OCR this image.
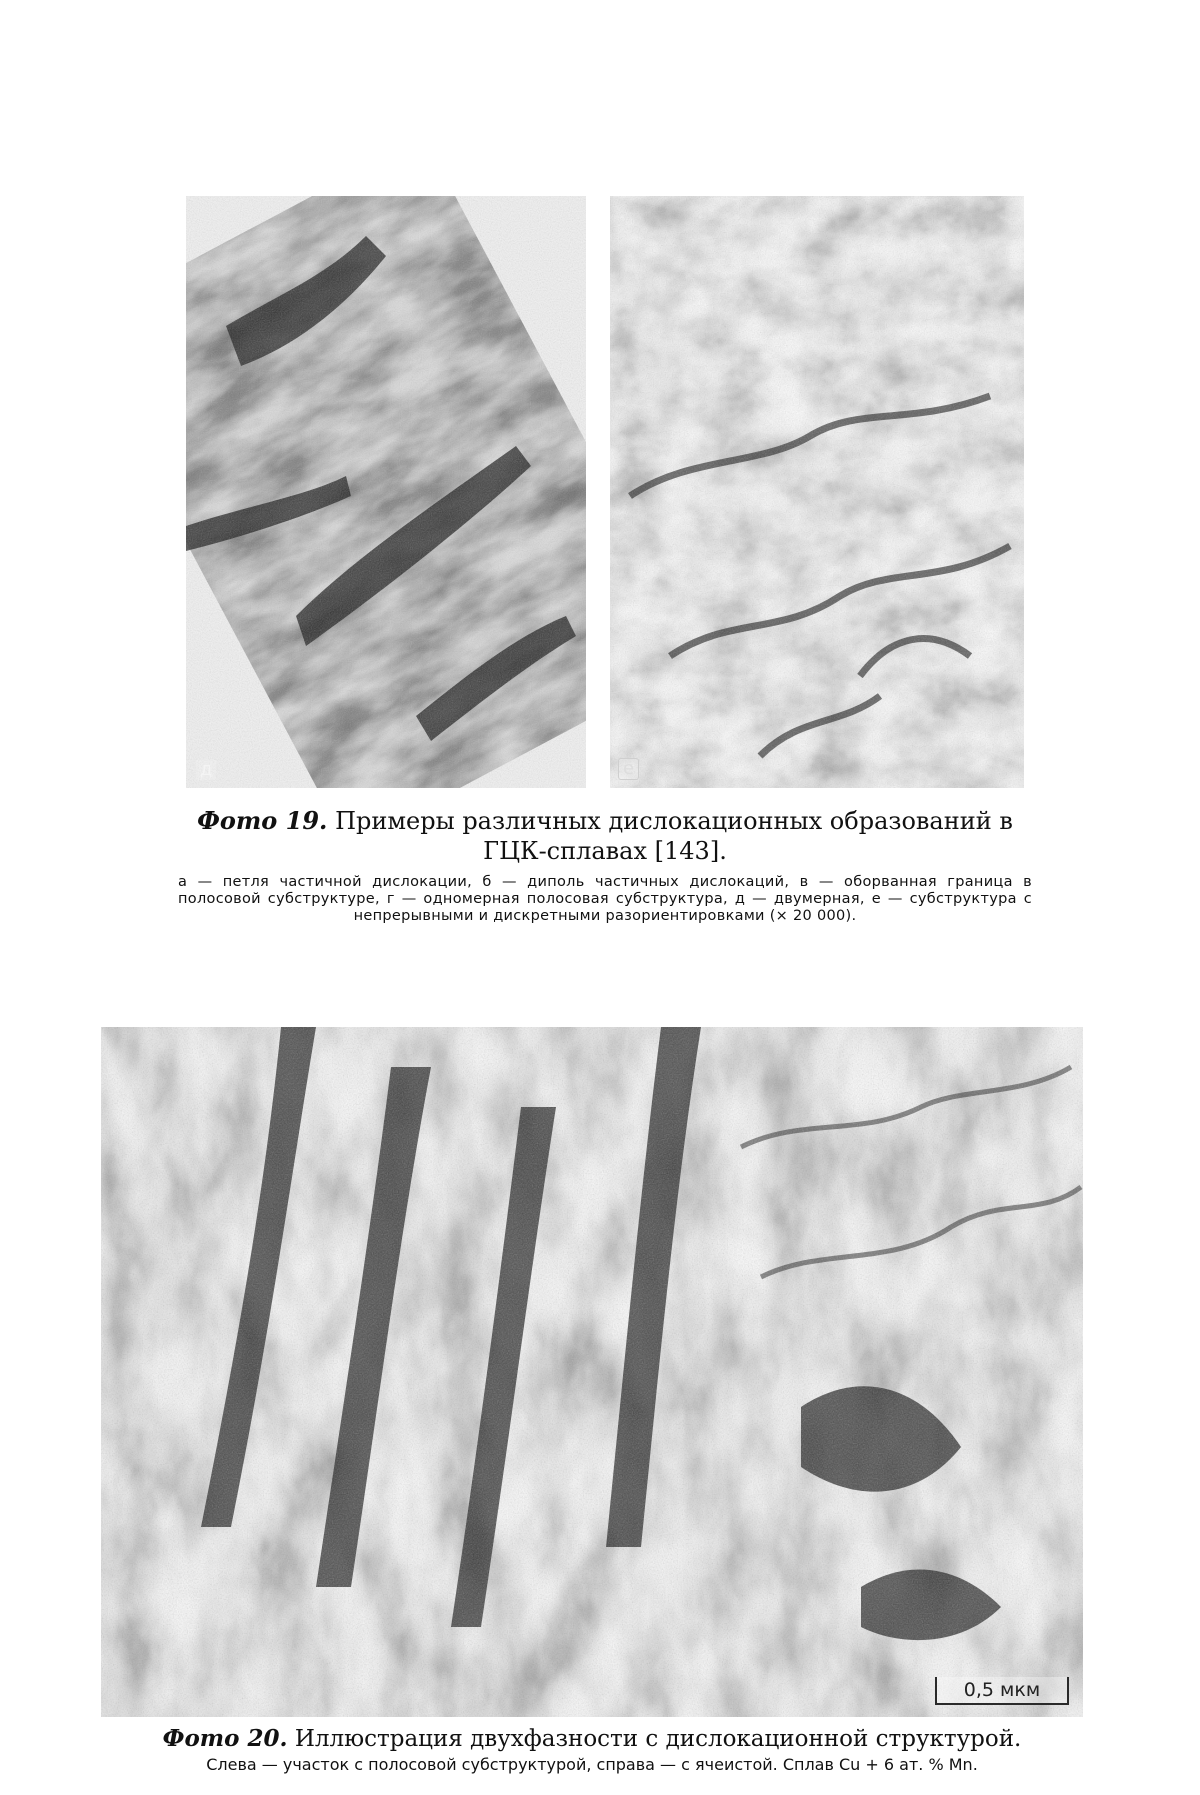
д	е
Фото 19. Примеры различных дислокационных образований в ГЦК-сплавах [143].
а — петля частичной дислокации, б — диполь частичных дислокаций, в — оборванная граница в полосовой субструктуре, г — одномерная полосовая субструктура, д — двумерная, е — субструктура с непрерывными и дискретными разориентировками (× 20 000).
0,5 мкм
Фото 20. Иллюстрация двухфазности с дислокационной структурой.
Слева — участок с полосовой субструктурой, справа — с ячеистой. Сплав Cu + 6 ат. % Mn.
